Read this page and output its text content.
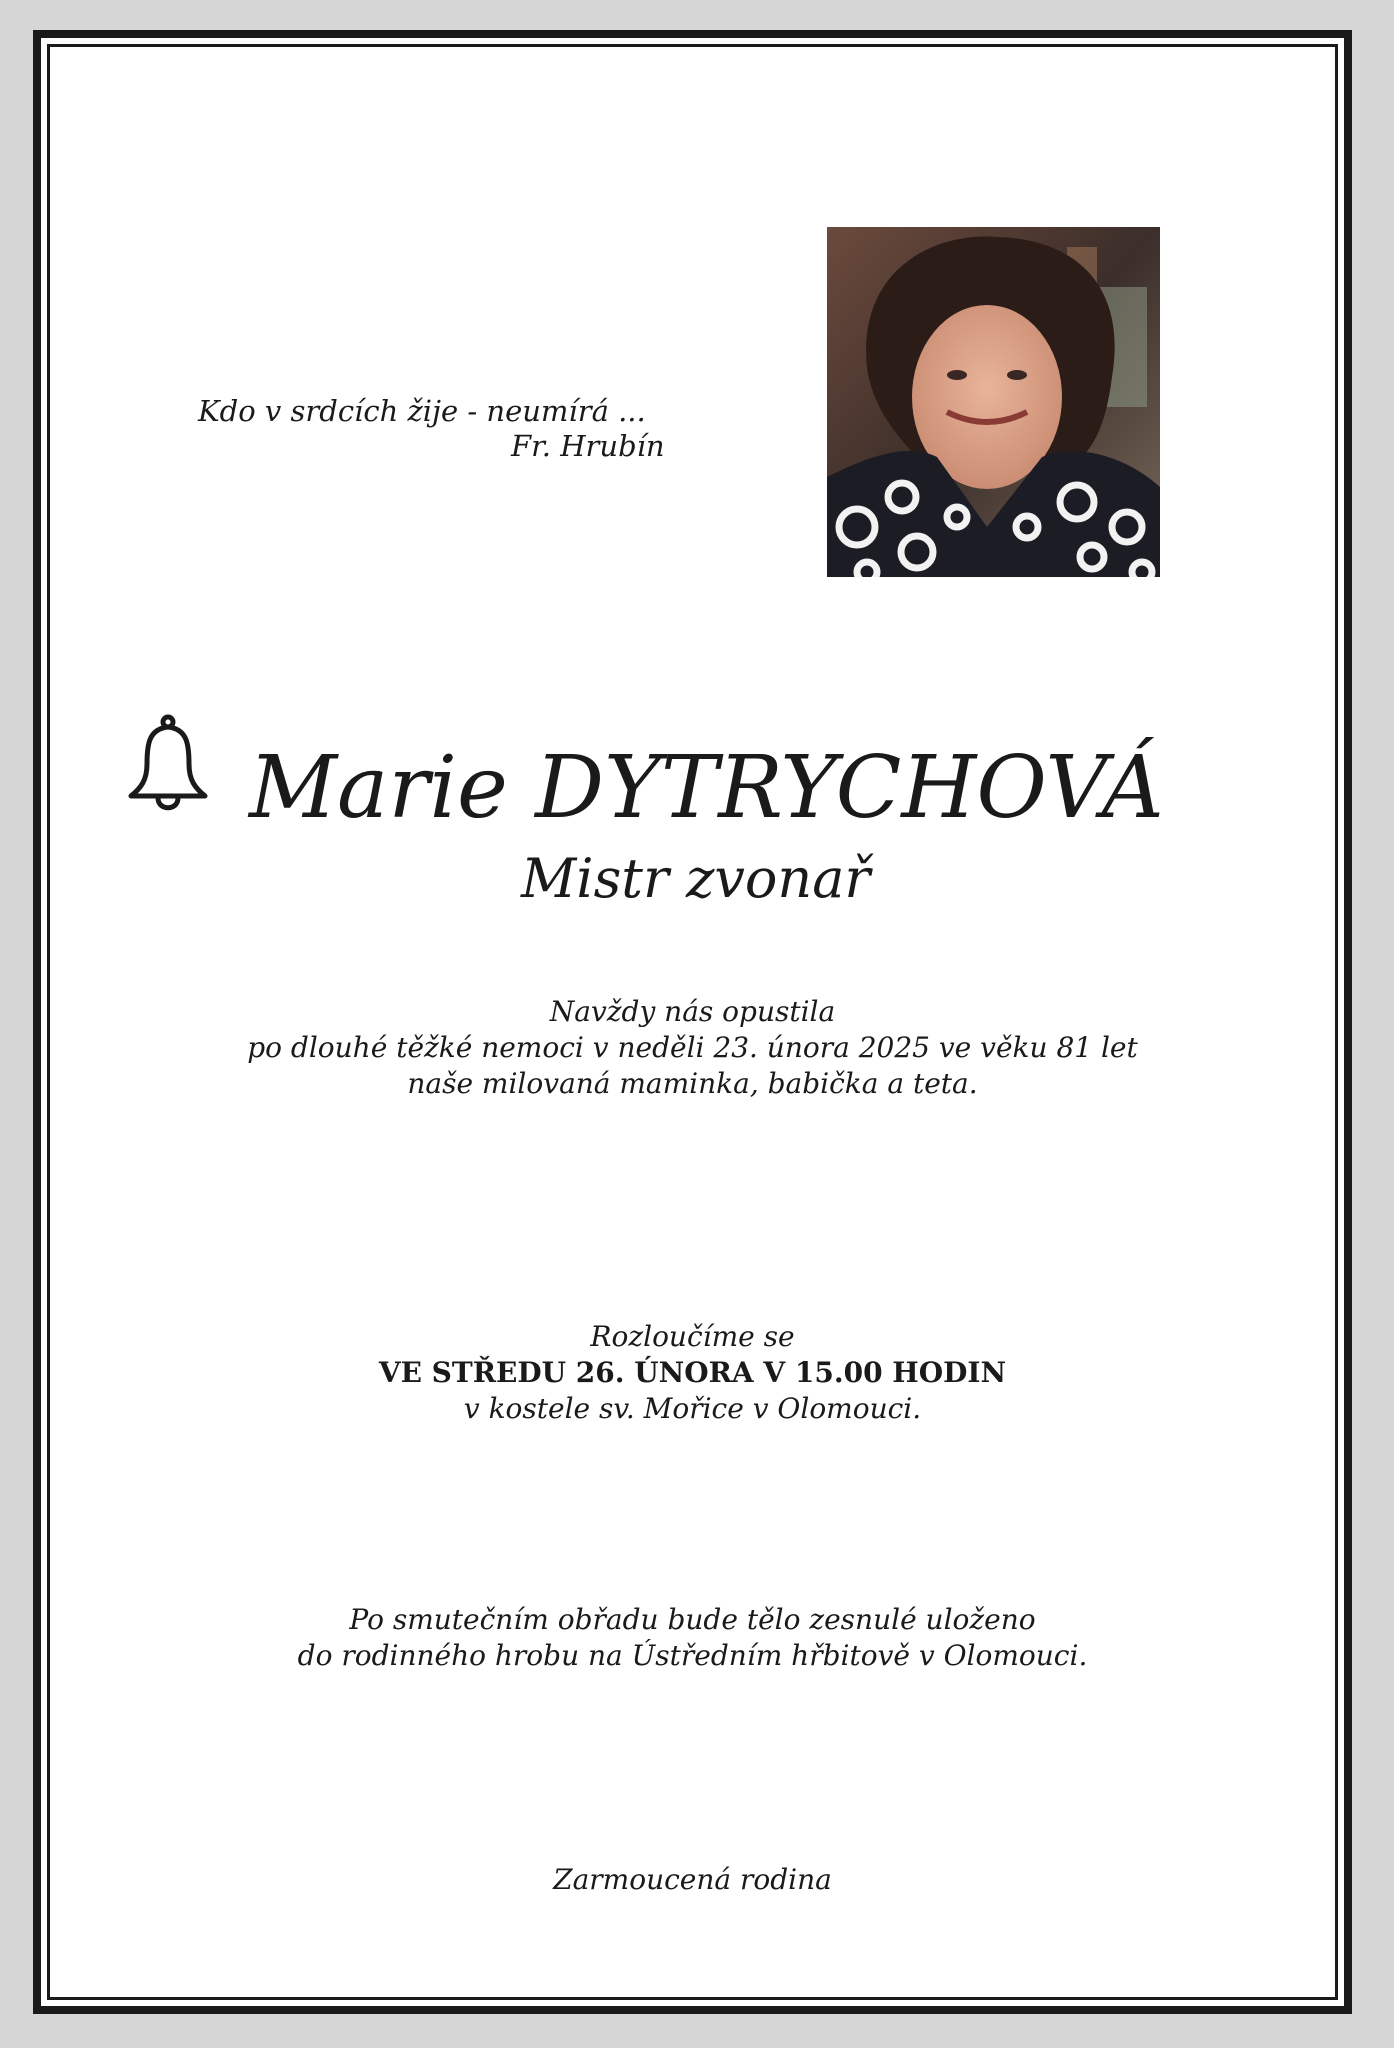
Kdo v srdcích žije - neumírá ...
Fr. Hrubín
Marie DYTRYCHOVÁ
Mistr zvonař
Navždy nás opustila
po dlouhé těžké nemoci v neděli 23. února 2025 ve věku 81 let
naše milovaná maminka, babička a teta.
Rozloučíme se
VE STŘEDU 26. ÚNORA V 15.00 HODIN
v kostele sv. Mořice v Olomouci.
Po smutečním obřadu bude tělo zesnulé uloženo
do rodinného hrobu na Ústředním hřbitově v Olomouci.
Zarmoucená rodina
